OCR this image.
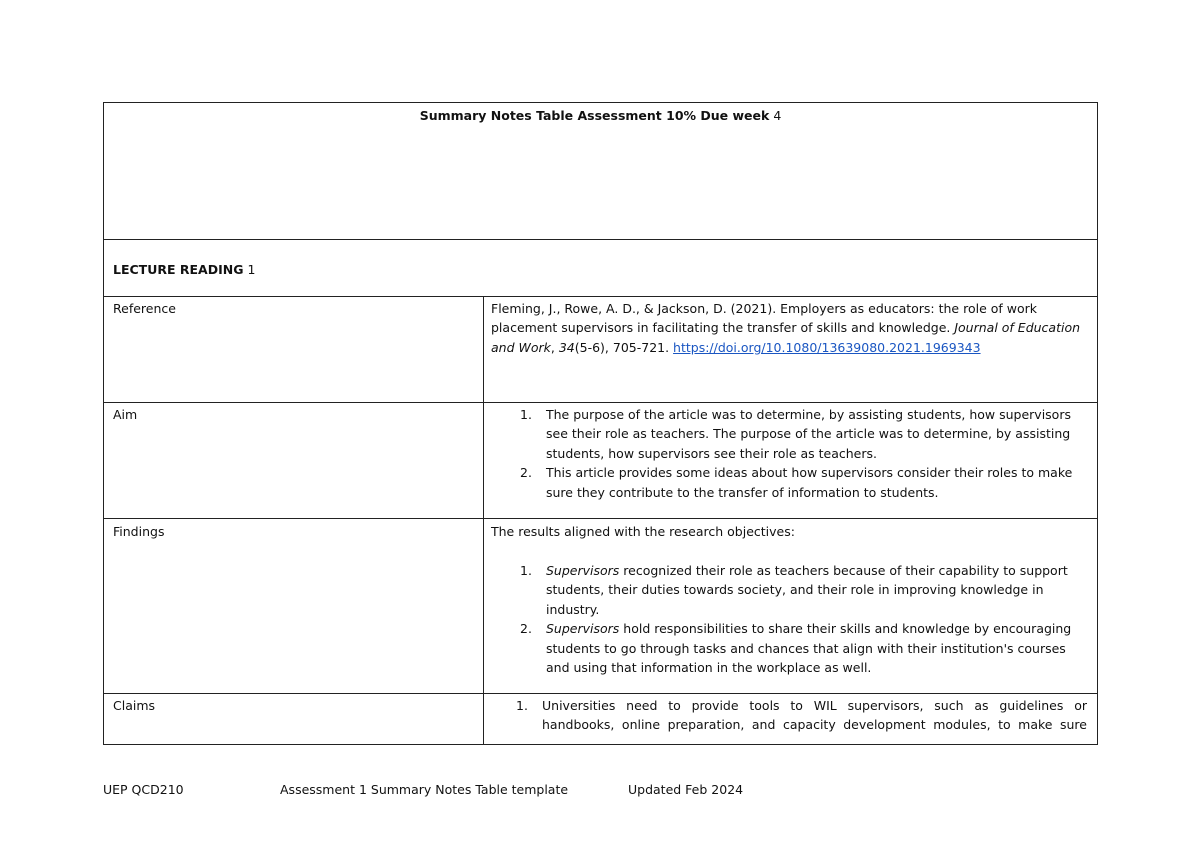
Summary Notes Table Assessment 10% Due week 4
LECTURE READING 1
Reference	Fleming, J., Rowe, A. D., & Jackson, D. (2021). Employers as educators: the role of work
placement supervisors in facilitating the transfer of skills and knowledge. Journal of Education
and Work, 34(5-6), 705-721. https://doi.org/10.1080/13639080.2021.1969343
Aim	1. The purpose of the article was to determine, by assisting students, how supervisors
see their role as teachers. The purpose of the article was to determine, by assisting
students, how supervisors see their role as teachers.
2. This article provides some ideas about how supervisors consider their roles to make
sure they contribute to the transfer of information to students.
Findings	The results aligned with the research objectives:
1. Supervisors recognized their role as teachers because of their capability to support
students, their duties towards society, and their role in improving knowledge in
industry.
2. Supervisors hold responsibilities to share their skills and knowledge by encouraging
students to go through tasks and chances that align with their institution's courses
and using that information in the workplace as well.
Claims	1. Universities need to provide tools to WIL supervisors, such as guidelines or
handbooks, online preparation, and capacity development modules, to make sure
UEP QCD210	Assessment 1 Summary Notes Table template	Updated Feb 2024
